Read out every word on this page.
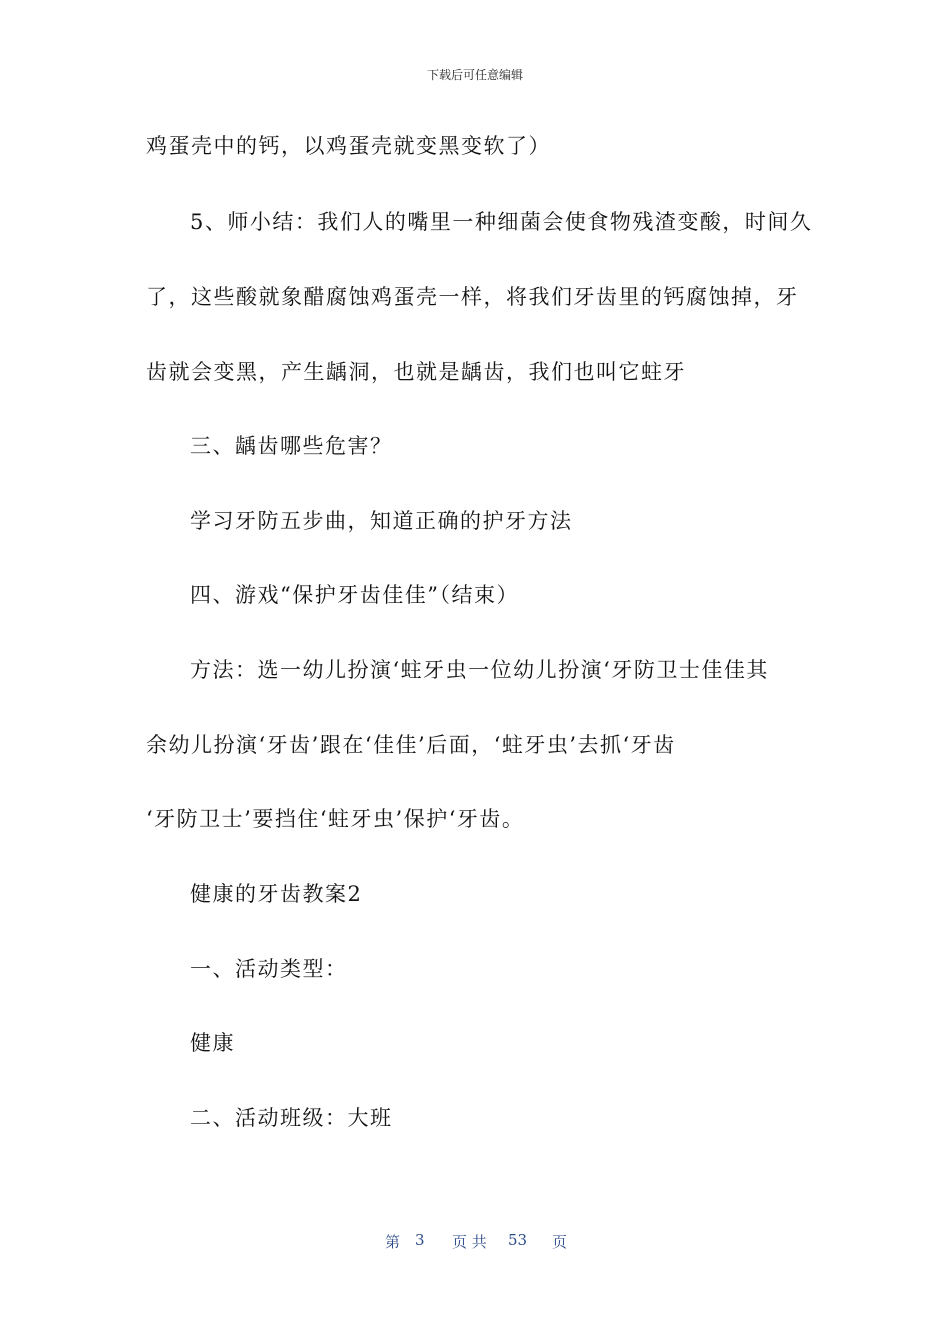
下载后可任意编辑
鸡蛋壳中的钙，以鸡蛋壳就变黑变软了）
5、师小结：我们人的嘴里一种细菌会使食物残渣变酸，时间久
了，这些酸就象醋腐蚀鸡蛋壳一样，将我们牙齿里的钙腐蚀掉，牙
齿就会变黑，产生龋洞，也就是龋齿，我们也叫它蛀牙
三、龋齿哪些危害？
学习牙防五步曲，知道正确的护牙方法
四、游戏“保护牙齿佳佳”（结束）
方法：选一幼儿扮演‘蛀牙虫一位幼儿扮演‘牙防卫士佳佳其
余幼儿扮演‘牙齿’跟在‘佳佳’后面，‘蛀牙虫’去抓‘牙齿
‘牙防卫士’要挡住‘蛀牙虫’保护‘牙齿。
健康的牙齿教案2
一、活动类型：
健康
二、活动班级：大班
第 3 页 共 53 页
